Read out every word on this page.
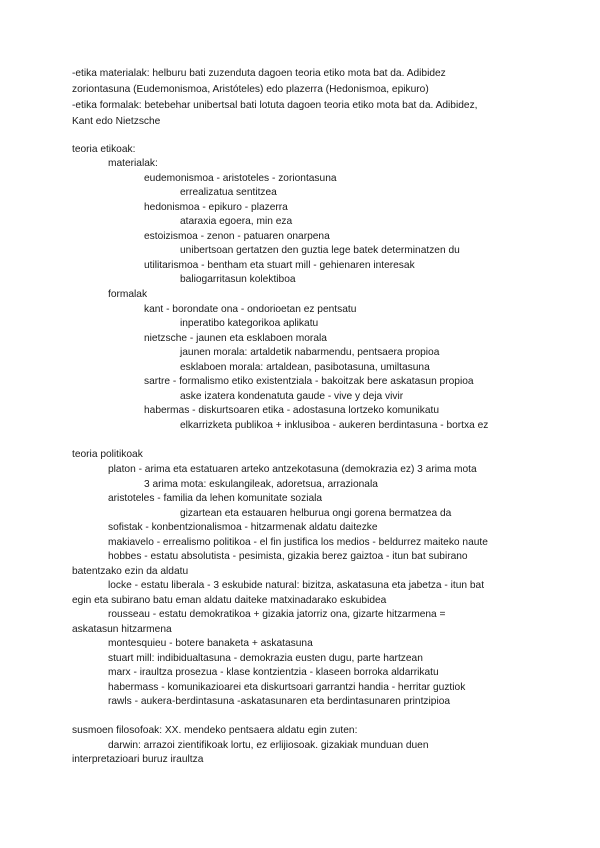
-etika materialak: helburu bati zuzenduta dagoen teoria etiko mota bat da. Adibidez
zoriontasuna (Eudemonismoa, Aristóteles) edo plazerra (Hedonismoa, epikuro)
-etika formalak: betebehar unibertsal bati lotuta dagoen teoria etiko mota bat da. Adibidez,
Kant edo Nietzsche
teoria etikoak:
materialak:
eudemonismoa - aristoteles - zoriontasuna
errealizatua sentitzea
hedonismoa - epikuro - plazerra
ataraxia egoera, min eza
estoizismoa - zenon - patuaren onarpena
unibertsoan gertatzen den guztia lege batek determinatzen du
utilitarismoa - bentham eta stuart mill - gehienaren interesak
baliogarritasun kolektiboa
formalak
kant - borondate ona - ondorioetan ez pentsatu
inperatibo kategorikoa aplikatu
nietzsche - jaunen eta esklaboen morala
jaunen morala: artaldetik nabarmendu, pentsaera propioa
esklaboen morala: artaldean, pasibotasuna, umiltasuna
sartre - formalismo etiko existentziala - bakoitzak bere askatasun propioa
aske izatera kondenatuta gaude - vive y deja vivir
habermas - diskurtsoaren etika - adostasuna lortzeko komunikatu
elkarrizketa publikoa + inklusiboa - aukeren berdintasuna - bortxa ez
teoria politikoak
platon - arima eta estatuaren arteko antzekotasuna (demokrazia ez) 3 arima mota
3 arima mota: eskulangileak, adoretsua, arrazionala
aristoteles - familia da lehen komunitate soziala
gizartean eta estauaren helburua ongi gorena bermatzea da
sofistak - konbentzionalismoa - hitzarmenak aldatu daitezke
makiavelo - errealismo politikoa - el fin justifica los medios - beldurrez maiteko naute
hobbes - estatu absolutista - pesimista, gizakia berez gaiztoa - itun bat subirano
batentzako ezin da aldatu
locke - estatu liberala - 3 eskubide natural: bizitza, askatasuna eta jabetza - itun bat
egin eta subirano batu eman aldatu daiteke matxinadarako eskubidea
rousseau - estatu demokratikoa + gizakia jatorriz ona, gizarte hitzarmena =
askatasun hitzarmena
montesquieu - botere banaketa + askatasuna
stuart mill: indibidualtasuna - demokrazia eusten dugu, parte hartzean
marx - iraultza prosezua - klase kontzientzia - klaseen borroka aldarrikatu
habermass - komunikazioarei eta diskurtsoari garrantzi handia - herritar guztiok
rawls - aukera-berdintasuna -askatasunaren eta berdintasunaren printzipioa
susmoen filosofoak: XX. mendeko pentsaera aldatu egin zuten:
darwin: arrazoi zientifikoak lortu, ez erlijiosoak. gizakiak munduan duen
interpretazioari buruz iraultza
